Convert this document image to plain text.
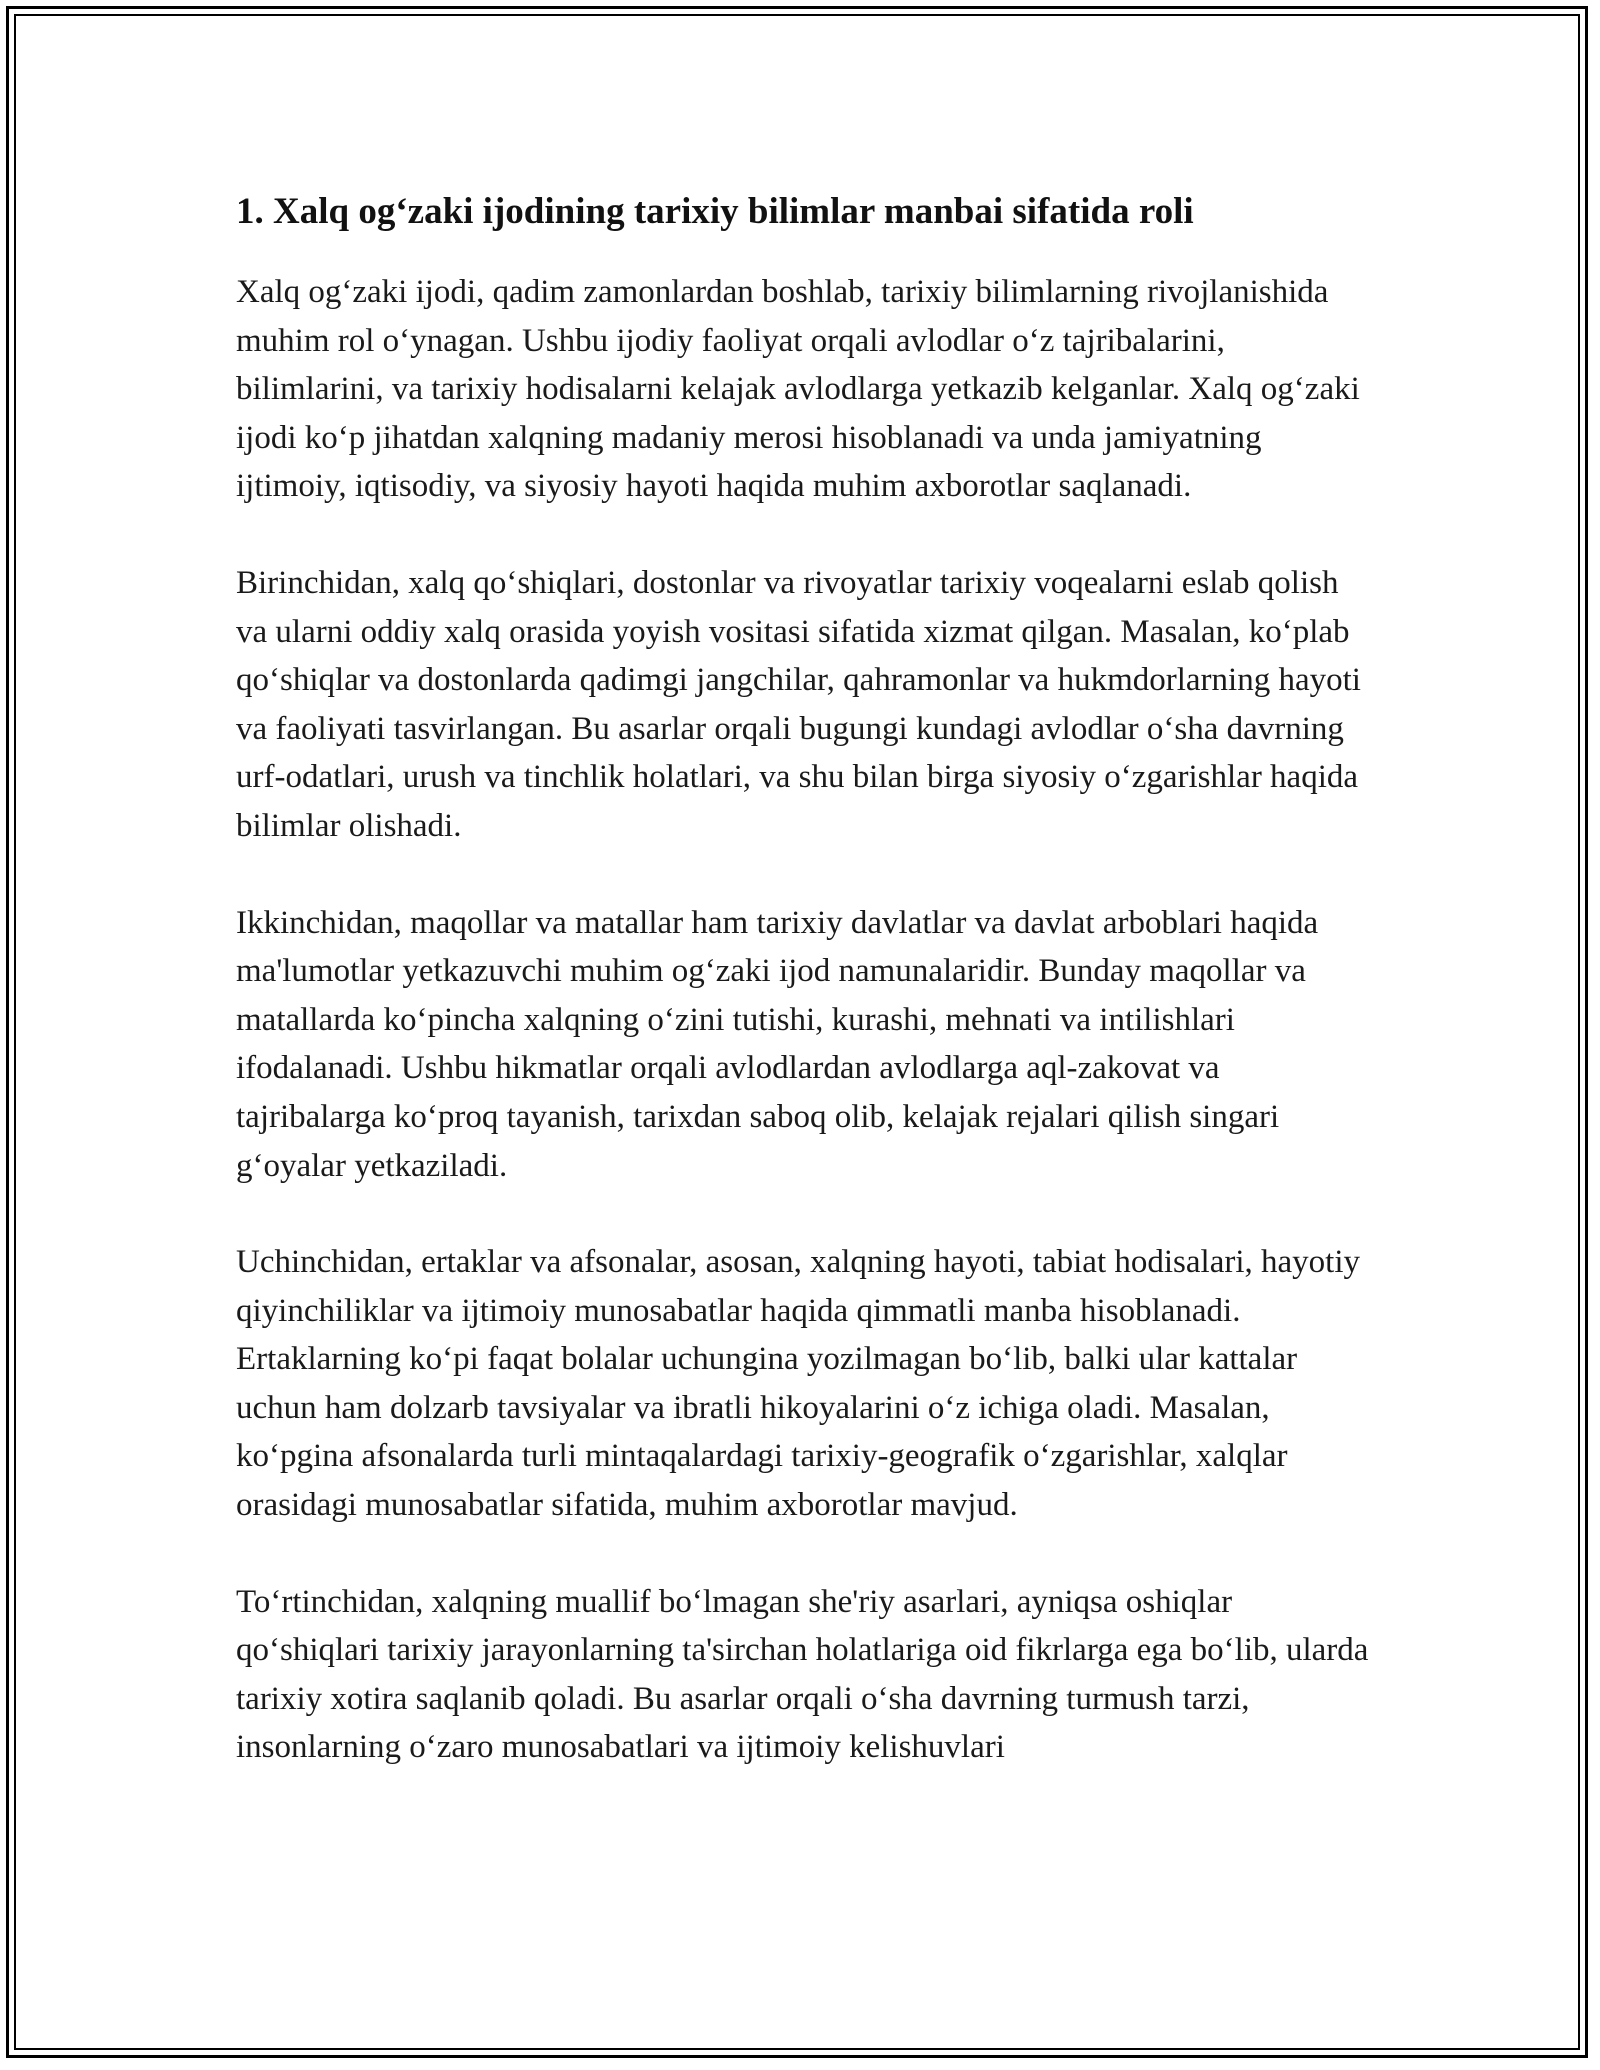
1. Xalq og‘zaki ijodining tarixiy bilimlar manbai sifatida roli

Xalq og‘zaki ijodi, qadim zamonlardan boshlab, tarixiy bilimlarning rivojlanishida muhim rol o‘ynagan. Ushbu ijodiy faoliyat orqali avlodlar o‘z tajribalarini, bilimlarini, va tarixiy hodisalarni kelajak avlodlarga yetkazib kelganlar. Xalq og‘zaki ijodi ko‘p jihatdan xalqning madaniy merosi hisoblanadi va unda jamiyatning ijtimoiy, iqtisodiy, va siyosiy hayoti haqida muhim axborotlar saqlanadi.

Birinchidan, xalq qo‘shiqlari, dostonlar va rivoyatlar tarixiy voqealarni eslab qolish va ularni oddiy xalq orasida yoyish vositasi sifatida xizmat qilgan. Masalan, ko‘plab qo‘shiqlar va dostonlarda qadimgi jangchilar, qahramonlar va hukmdorlarning hayoti va faoliyati tasvirlangan. Bu asarlar orqali bugungi kundagi avlodlar o‘sha davrning urf-odatlari, urush va tinchlik holatlari, va shu bilan birga siyosiy o‘zgarishlar haqida bilimlar olishadi.

Ikkinchidan, maqollar va matallar ham tarixiy davlatlar va davlat arboblari haqida ma'lumotlar yetkazuvchi muhim og‘zaki ijod namunalaridir. Bunday maqollar va matallarda ko‘pincha xalqning o‘zini tutishi, kurashi, mehnati va intilishlari ifodalanadi. Ushbu hikmatlar orqali avlodlardan avlodlarga aql-zakovat va tajribalarga ko‘proq tayanish, tarixdan saboq olib, kelajak rejalari qilish singari g‘oyalar yetkaziladi.

Uchinchidan, ertaklar va afsonalar, asosan, xalqning hayoti, tabiat hodisalari, hayotiy qiyinchiliklar va ijtimoiy munosabatlar haqida qimmatli manba hisoblanadi. Ertaklarning ko‘pi faqat bolalar uchungina yozilmagan bo‘lib, balki ular kattalar uchun ham dolzarb tavsiyalar va ibratli hikoyalarini o‘z ichiga oladi. Masalan, ko‘pgina afsonalarda turli mintaqalardagi tarixiy-geografik o‘zgarishlar, xalqlar orasidagi munosabatlar sifatida, muhim axborotlar mavjud.

To‘rtinchidan, xalqning muallif bo‘lmagan she'riy asarlari, ayniqsa oshiqlar qo‘shiqlari tarixiy jarayonlarning ta'sirchan holatlariga oid fikrlarga ega bo‘lib, ularda tarixiy xotira saqlanib qoladi. Bu asarlar orqali o‘sha davrning turmush tarzi, insonlarning o‘zaro munosabatlari va ijtimoiy kelishuvlari
